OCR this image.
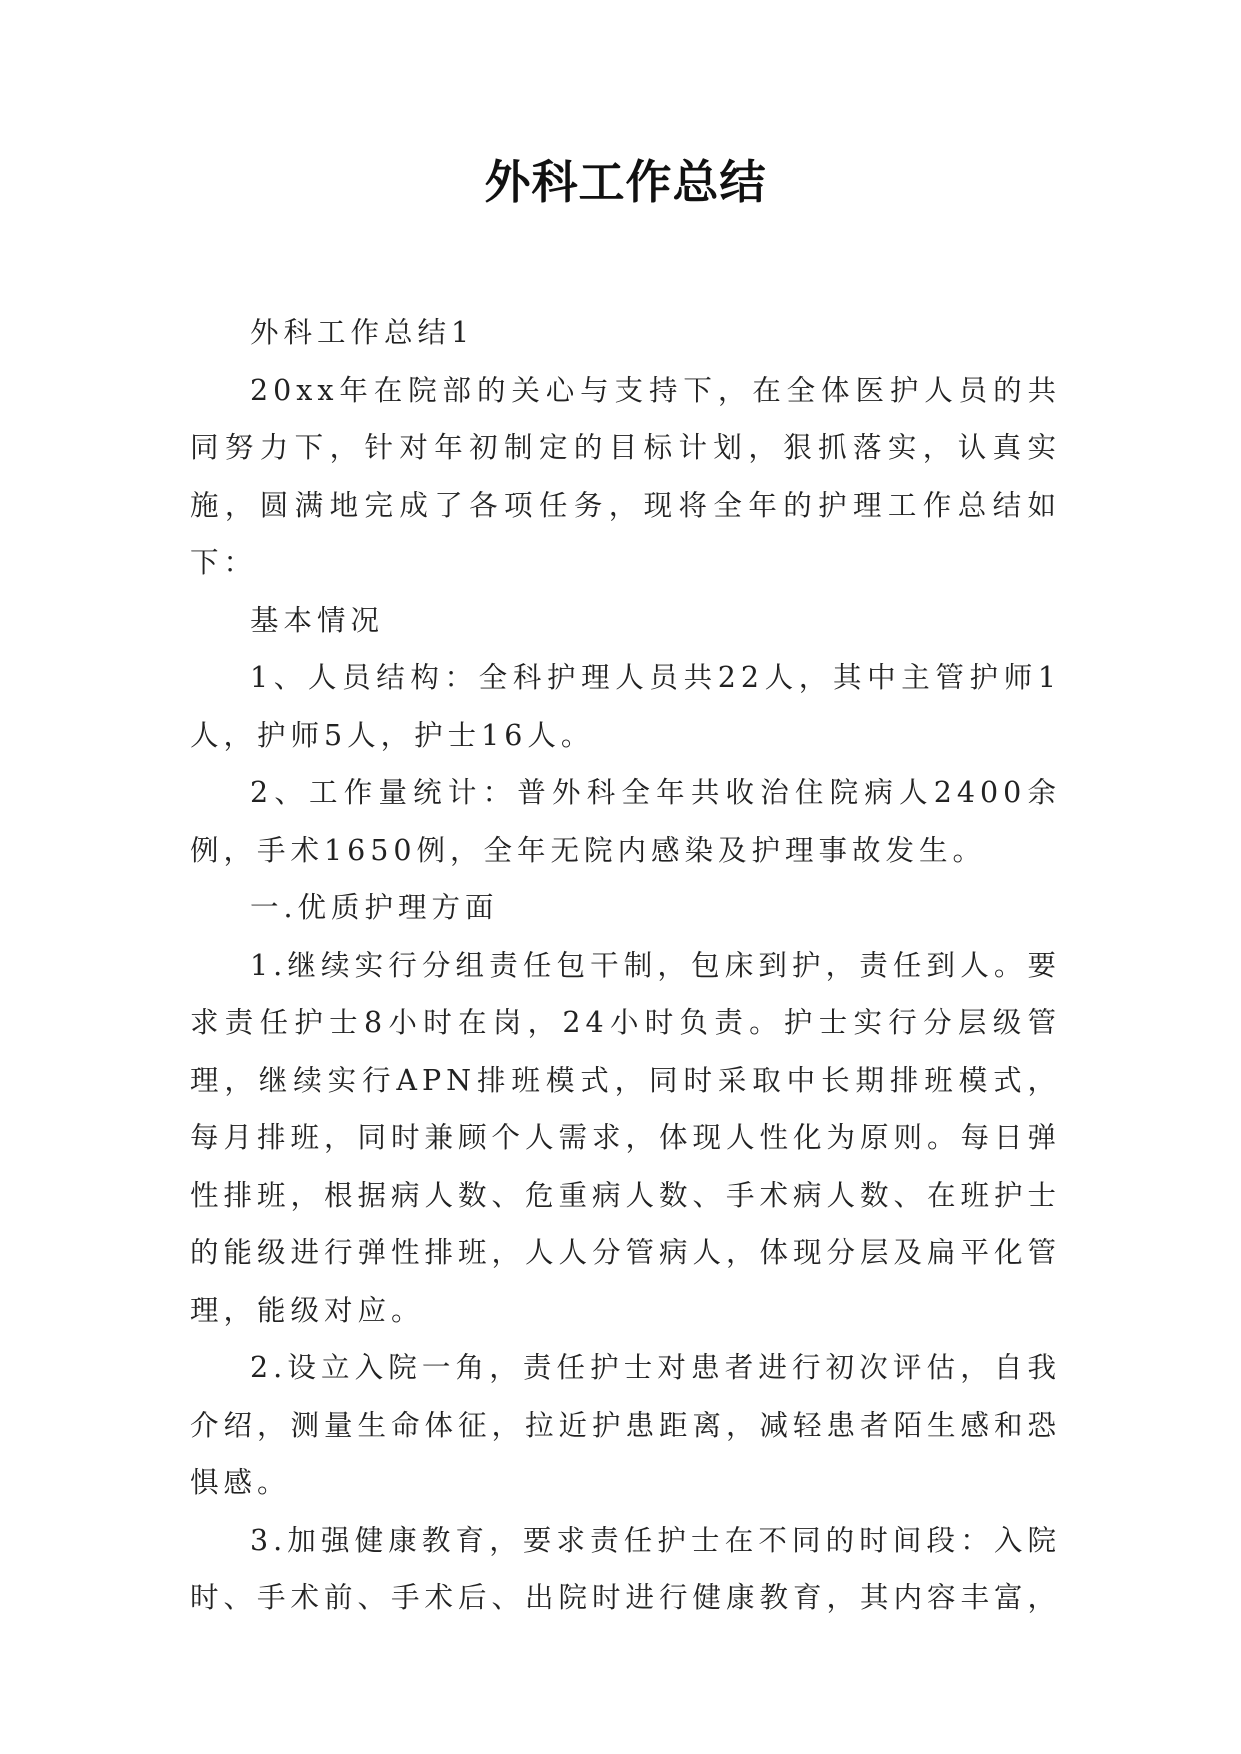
外科工作总结

外科工作总结1

20xx年在院部的关心与支持下，在全体医护人员的共同努力下，针对年初制定的目标计划，狠抓落实，认真实施，圆满地完成了各项任务，现将全年的护理工作总结如下：

基本情况

1、人员结构：全科护理人员共22人，其中主管护师1人，护师5人，护士16人。

2、工作量统计：普外科全年共收治住院病人2400余例，手术1650例，全年无院内感染及护理事故发生。

一.优质护理方面

1.继续实行分组责任包干制，包床到护，责任到人。要求责任护士8小时在岗，24小时负责。护士实行分层级管理，继续实行APN排班模式，同时采取中长期排班模式，每月排班，同时兼顾个人需求，体现人性化为原则。每日弹性排班，根据病人数、危重病人数、手术病人数、在班护士的能级进行弹性排班，人人分管病人，体现分层及扁平化管理，能级对应。

2.设立入院一角，责任护士对患者进行初次评估，自我介绍，测量生命体征，拉近护患距离，减轻患者陌生感和恐惧感。

3.加强健康教育，要求责任护士在不同的时间段：入院时、手术前、手术后、出院时进行健康教育，其内容丰富，
